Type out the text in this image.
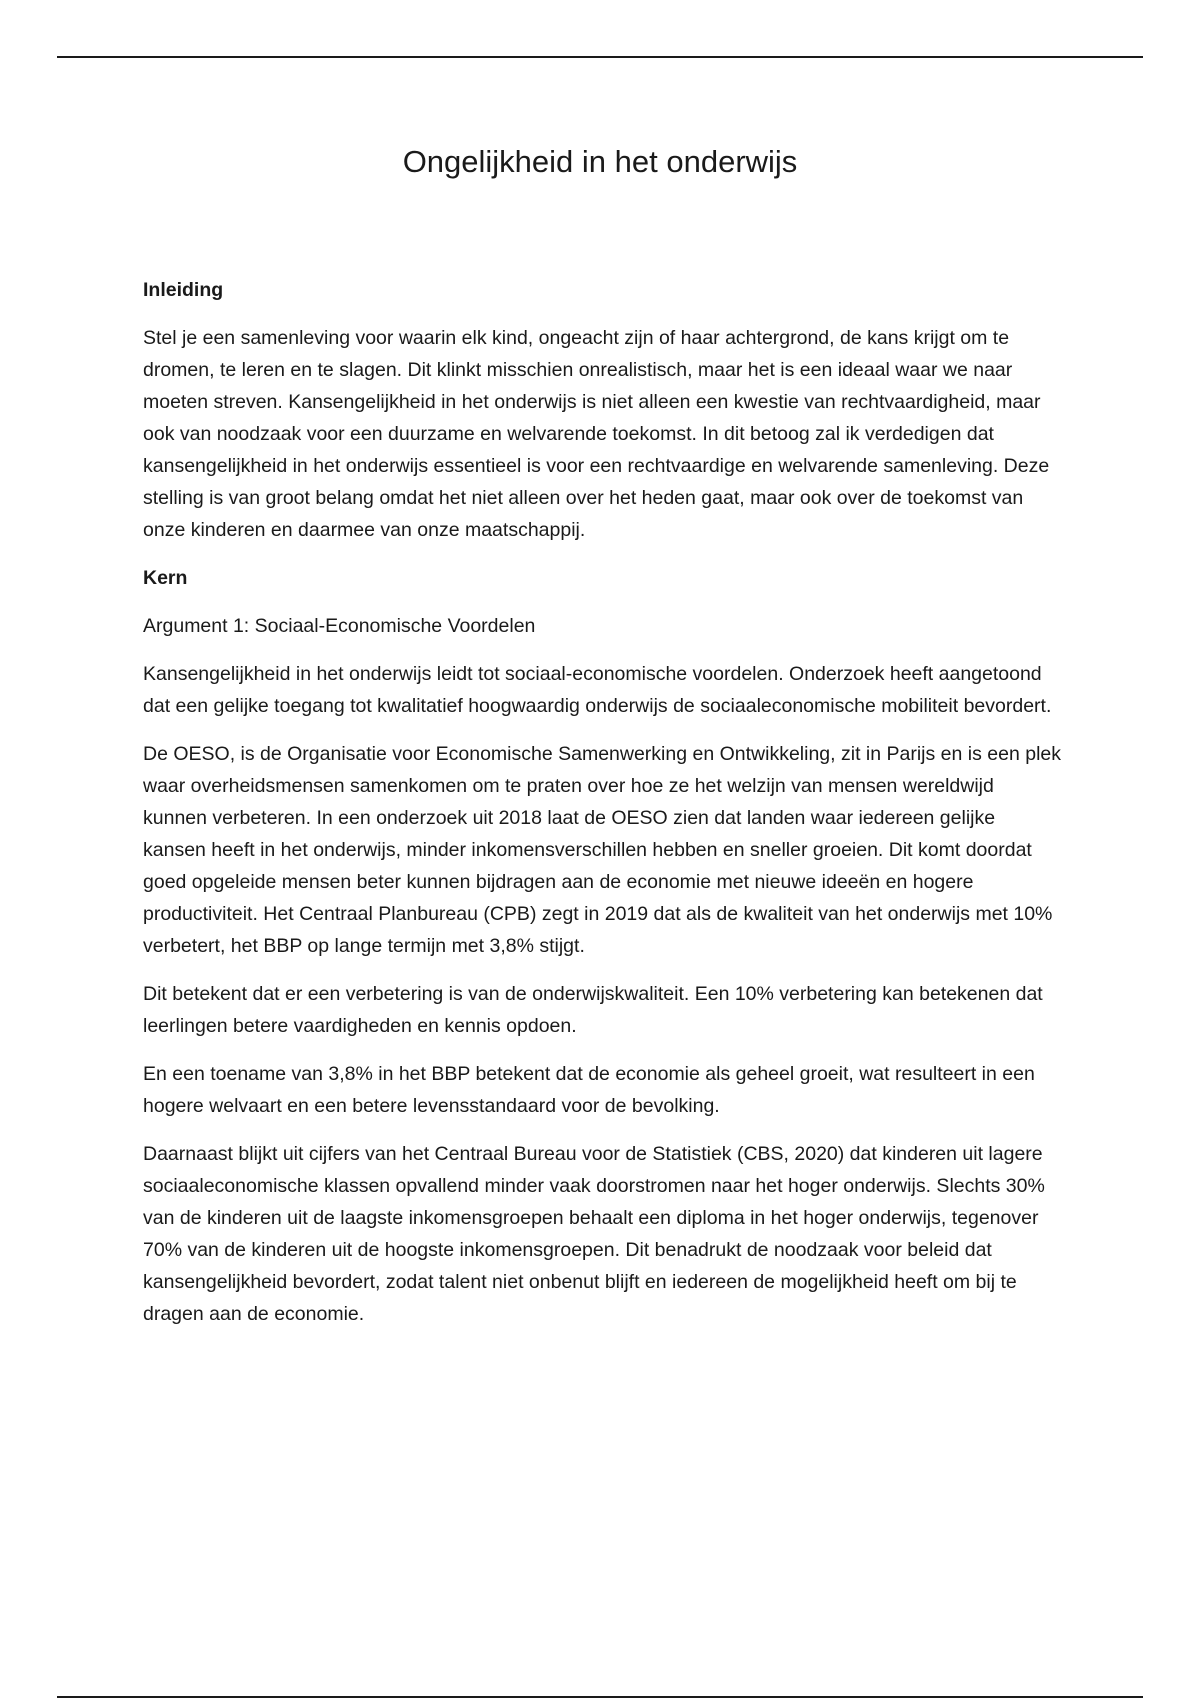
Ongelijkheid in het onderwijs

Inleiding

Stel je een samenleving voor waarin elk kind, ongeacht zijn of haar achtergrond, de kans krijgt om te dromen, te leren en te slagen. Dit klinkt misschien onrealistisch, maar het is een ideaal waar we naar moeten streven. Kansengelijkheid in het onderwijs is niet alleen een kwestie van rechtvaardigheid, maar ook van noodzaak voor een duurzame en welvarende toekomst. In dit betoog zal ik verdedigen dat kansengelijkheid in het onderwijs essentieel is voor een rechtvaardige en welvarende samenleving. Deze stelling is van groot belang omdat het niet alleen over het heden gaat, maar ook over de toekomst van onze kinderen en daarmee van onze maatschappij.

Kern

Argument 1: Sociaal-Economische Voordelen

Kansengelijkheid in het onderwijs leidt tot sociaal-economische voordelen. Onderzoek heeft aangetoond dat een gelijke toegang tot kwalitatief hoogwaardig onderwijs de sociaaleconomische mobiliteit bevordert.

De OESO, is de Organisatie voor Economische Samenwerking en Ontwikkeling, zit in Parijs en is een plek waar overheidsmensen samenkomen om te praten over hoe ze het welzijn van mensen wereldwijd kunnen verbeteren. In een onderzoek uit 2018 laat de OESO zien dat landen waar iedereen gelijke kansen heeft in het onderwijs, minder inkomensverschillen hebben en sneller groeien. Dit komt doordat goed opgeleide mensen beter kunnen bijdragen aan de economie met nieuwe ideeën en hogere productiviteit. Het Centraal Planbureau (CPB) zegt in 2019 dat als de kwaliteit van het onderwijs met 10% verbetert, het BBP op lange termijn met 3,8% stijgt.

Dit betekent dat er een verbetering is van de onderwijskwaliteit. Een 10% verbetering kan betekenen dat leerlingen betere vaardigheden en kennis opdoen.

En een toename van 3,8% in het BBP betekent dat de economie als geheel groeit, wat resulteert in een hogere welvaart en een betere levensstandaard voor de bevolking.

Daarnaast blijkt uit cijfers van het Centraal Bureau voor de Statistiek (CBS, 2020) dat kinderen uit lagere sociaaleconomische klassen opvallend minder vaak doorstromen naar het hoger onderwijs. Slechts 30% van de kinderen uit de laagste inkomensgroepen behaalt een diploma in het hoger onderwijs, tegenover 70% van de kinderen uit de hoogste inkomensgroepen. Dit benadrukt de noodzaak voor beleid dat kansengelijkheid bevordert, zodat talent niet onbenut blijft en iedereen de mogelijkheid heeft om bij te dragen aan de economie.
